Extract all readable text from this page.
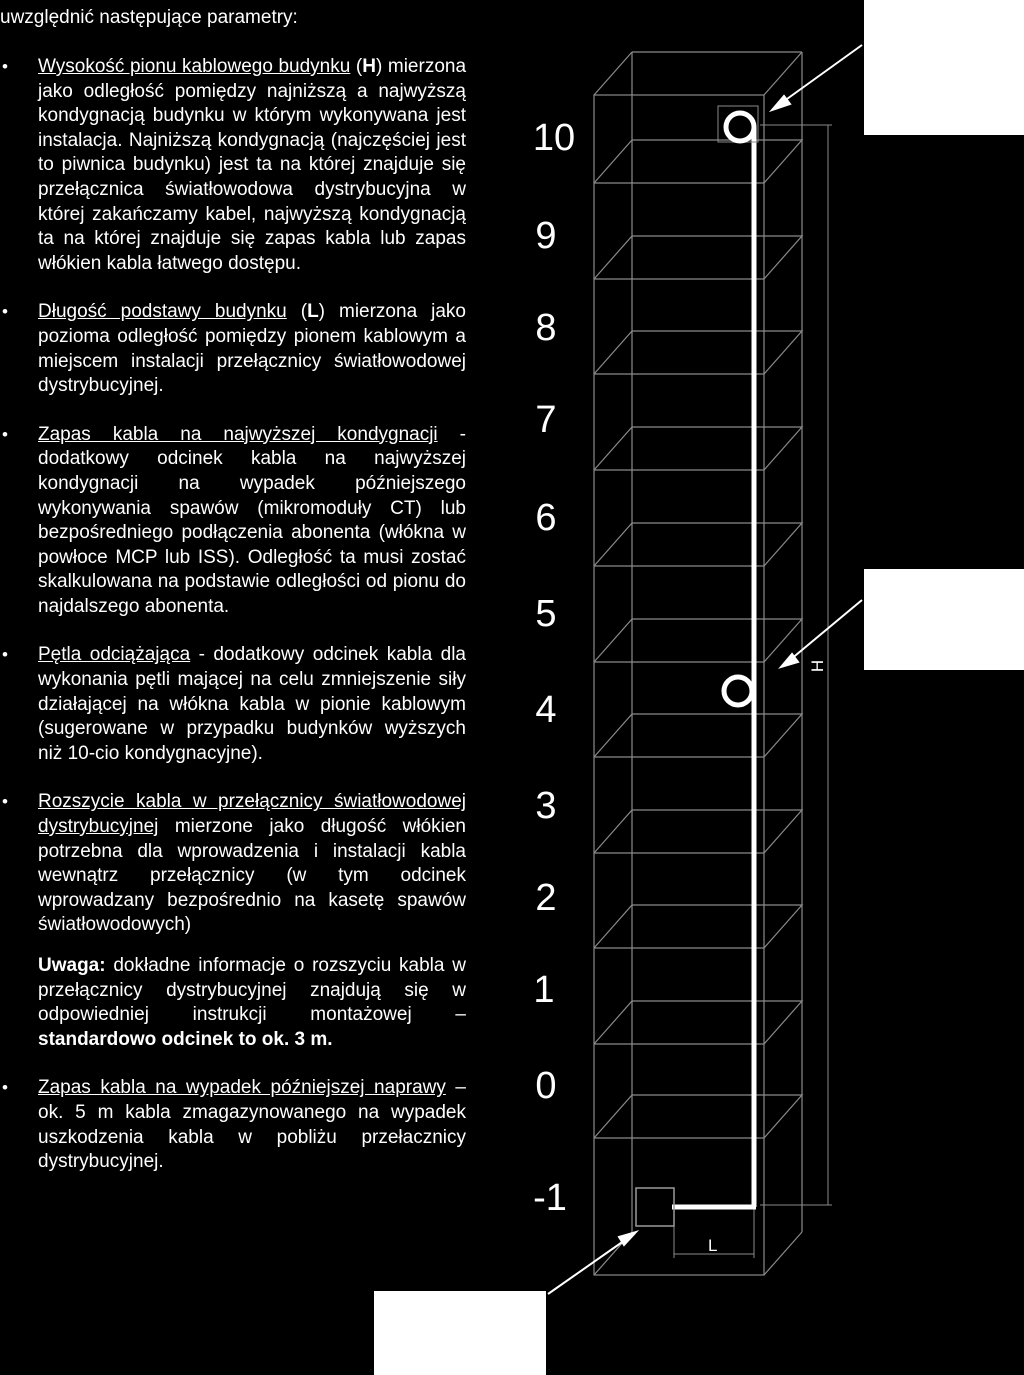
uwzględnić następujące parametry:

• Wysokość pionu kablowego budynku (H) mierzona jako odległość pomiędzy najniższą a najwyższą kondygnacją budynku w którym wykonywana jest instalacja. Najniższą kondygnacją (najczęściej jest to piwnica budynku) jest ta na której znajduje się przełącznica światłowodowa dystrybucyjna w której zakańczamy kabel, najwyższą kondygnacją ta na której znajduje się zapas kabla lub zapas włókien kabla łatwego dostępu.
• Długość podstawy budynku (L) mierzona jako pozioma odległość pomiędzy pionem kablowym a miejscem instalacji przełącznicy światłowodowej dystrybucyjnej.
• Zapas kabla na najwyższej kondygnacji - dodatkowy odcinek kabla na najwyższej kondygnacji na wypadek późniejszego wykonywania spawów (mikromoduły CT) lub bezpośredniego podłączenia abonenta (włókna w powłoce MCP lub ISS). Odległość ta musi zostać skalkulowana na podstawie odległości od pionu do najdalszego abonenta.
• Pętla odciążająca - dodatkowy odcinek kabla dla wykonania pętli mającej na celu zmniejszenie siły działającej na włókna kabla w pionie kablowym (sugerowane w przypadku budynków wyższych niż 10-cio kondygnacyjne).
• Rozszycie kabla w przełącznicy światłowodowej dystrybucyjnej mierzone jako długość włókien potrzebna dla wprowadzenia i instalacji kabla wewnątrz przełącznicy (w tym odcinek wprowadzany bezpośrednio na kasetę spawów światłowodowych)
Uwaga: dokładne informacje o rozszyciu kabla w przełącznicy dystrybucyjnej znajdują się w odpowiedniej instrukcji montażowej – standardowo odcinek to ok. 3 m.
• Zapas kabla na wypadek późniejszej naprawy – ok. 5 m kabla zmagazynowanego na wypadek uszkodzenia kabla w pobliżu przełacznicy dystrybucyjnej.
10
9
8
7
6
5
4
3
2
1
0
-1
H
L
